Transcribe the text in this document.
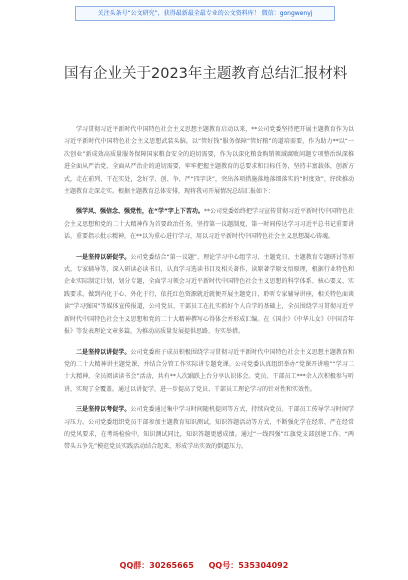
关注头条号“公文研究”，获得最新最全最专业的公文资料库！ 微信：gongwenyj
国有企业关于2023年主题教育总结汇报材料

学习贯彻习近平新时代中国特色社会主义思想主题教育启动以来，**公司党委坚持把开展主题教育作为以习近平新时代中国特色社会主义思想武装头脑，以“管好钱”服务保障“管好粮”的道培需要，作为助力**以“一次创业”新成效高质量服务保障国家粮食安全的迫切需要，作为以深化粮食购销领域腐败问题专项整治纵深推进全面从严治党、全面从严治企的迫切需要，牢牢把握主题教育的总要求和目标任务，坚持丰富载体，创新方式，走在前列、干在实处，念好学、创、争、严“四字诀”，突出各项措施落地落细落实的“时度效”，纾续推动主题教育走深走实。根据主题教育总体安排，现将我司开展情况总结汇报如下：

强学风、强信念、强党性，在“学”字上下苦功。**公司党委始终把学习宣传贯彻习近平新时代中国特色社会主义思想和党的二十大精神作为首要政治任务，坚持第一议题制度，第一时间传达学习习近平总书记重要讲话、重要指示批示精神，在**以为重心进行学习，用以习近平新时代中国特色社会主义思想凝心铸魂。

一是坚持以研促学。公司党委结合“第一议题”、理论学习中心组学习、主题党日、主题教育专题研讨等形式，专家辅导等，深入研读必读书目，认真学习选读书目及相关著作，读原著学原文悟原理，根据行业特色和企业实际制定计划，划分专题，全面学习领会习近平新时代中国特色社会主义思想的科学体系、核心要义、实践要求。做到内化于心、外化于行，依托红色资源就近就便开展主题党日，聆听专家辅导讲座，相关特色面谈读“学习强国”等媒体宣传报道，公司党员、干部员工在扎实抓好个人自学的基础上，全员围绕学习贯彻习近平新时代中国特色社会主义思想和党的二十大精神撰写心得体会并形成汇编。在《国企》《中华儿女》《中国青年报》等发表理论文章多篇，为推动高质量发展提供思路、夯实举措。

二是坚持以讲促学。公司党委班子成员积极围绕学习贯彻习近平新时代中国特色社会主义思想主题教育和党的二十大精神讲主题党课，并结合分管工作实际讲专题党课。公司党委认真组织举办“党课开讲啦”“学习二十大精神，全员阅读读书会”活动，共有**人次踊跃上台分享认识体会。党员、干部员工***余人次积极参与听讲，实现了全覆盖。通过以讲促学，进一步提高了党员、干部员工理论学习的针对性和实效性。

三是坚持以考促学。公司党委通过集中学习时间随机提问等方式，持续向党员、干部员工传导学习时间学习压力。公司党委组织党员干部参加主题教育知识测试，知识答题活动等方式，不断强化学在经常、严在经常的党风要求，在考场检验中，知识测试同比，知识答题更感成绩。通过“一线四强”红旗党支部创建工作、“两带头五争先”模范党员实践活动结合起来，形成学出实效的倒逼压力。

QQ群：30265665 QQ号：535304092
